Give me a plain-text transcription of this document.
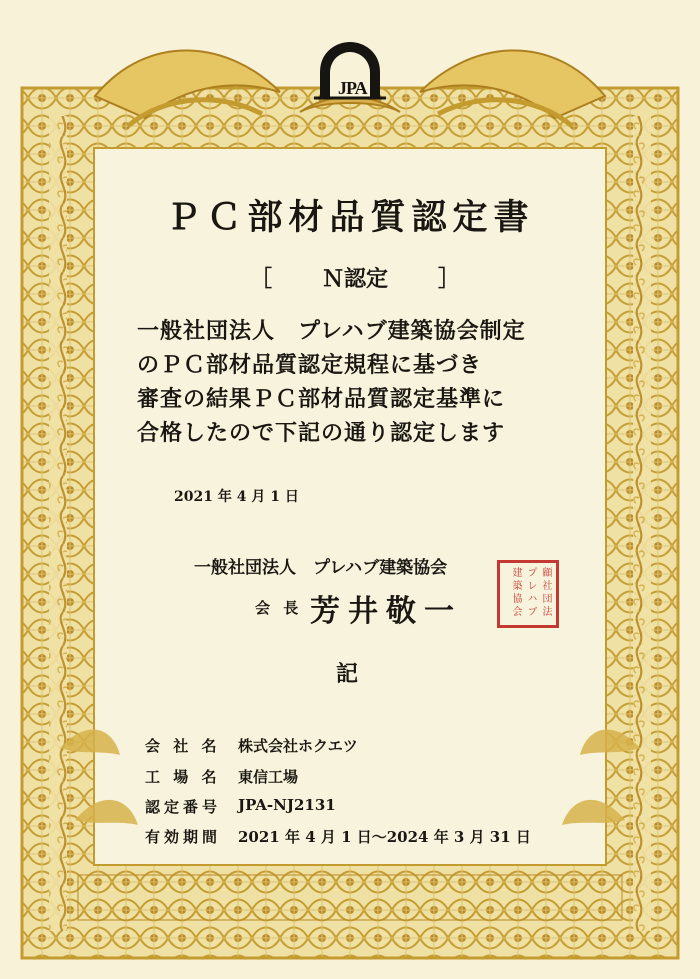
JPA
ＰＣ部材品質認定書
［	Ｎ認定	］
一般社団法人　プレハブ建築協会制定
のＰＣ部材品質認定規程に基づき
審査の結果ＰＣ部材品質認定基準に
合格したので下記の通り認定します
2021 年 4 月 1 日
一般社団法人　プレハブ建築協会
会 長 芳井敬一
顧
社
団
法
プ
レ
ハ
ブ
建
築
協
会
記
会 社 名	株式会社ホクエツ
工 場 名	東信工場
認定番号	JPA-NJ2131
有効期間	2021 年 4 月 1 日〜2024 年 3 月 31 日
